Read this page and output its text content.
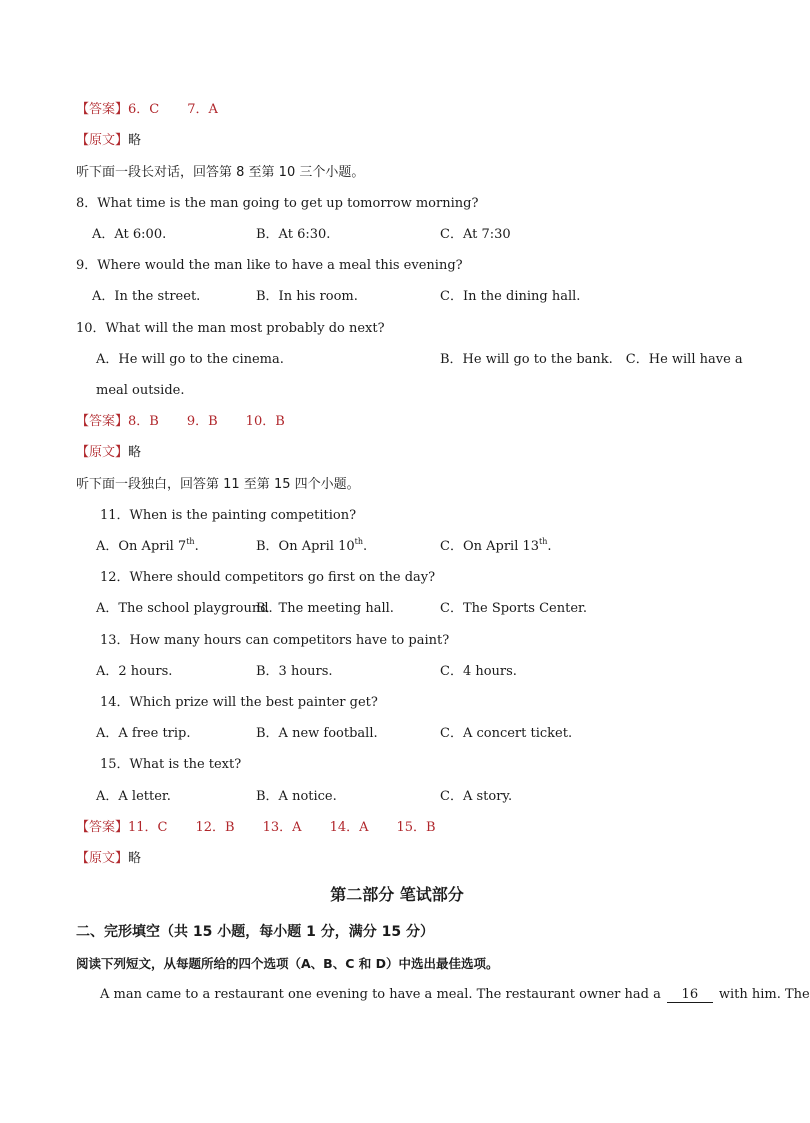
【答案】6．C 7．A
【原文】略
听下面一段长对话，回答第 8 至第 10 三个小题。
8．What time is the man going to get up tomorrow morning?
A．At 6:00.	B．At 6:30.	C．At 7:30
9．Where would the man like to have a meal this evening?
A．In the street.	B．In his room.	C．In the dining hall.
10．What will the man most probably do next?
A．He will go to the cinema.	B．He will go to the bank.　C．He will have a
meal outside.
【答案】8．B 9．B 10．B
【原文】略
听下面一段独白，回答第 11 至第 15 四个小题。
11．When is the painting competition?
A．On April 7th.	B．On April 10th.	C．On April 13th.
12．Where should competitors go first on the day?
A．The school playground.
B．The meeting hall.	C．The Sports Center.
13．How many hours can competitors have to paint?
A．2 hours.	B．3 hours.	C．4 hours.
14．Which prize will the best painter get?
A．A free trip.	B．A new football.	C．A concert ticket.
15．What is the text?
A．A letter.	B．A notice.	C．A story.
【答案】11．C 12．B 13．A 14．A 15．B
【原文】略
第二部分 笔试部分
二、完形填空（共 15 小题，每小题 1 分，满分 15 分）
阅读下列短文，从每题所给的四个选项（A、B、C 和 D）中选出最佳选项。
A man came to a restaurant one evening to have a meal. The restaurant owner had a 16 with him. The
